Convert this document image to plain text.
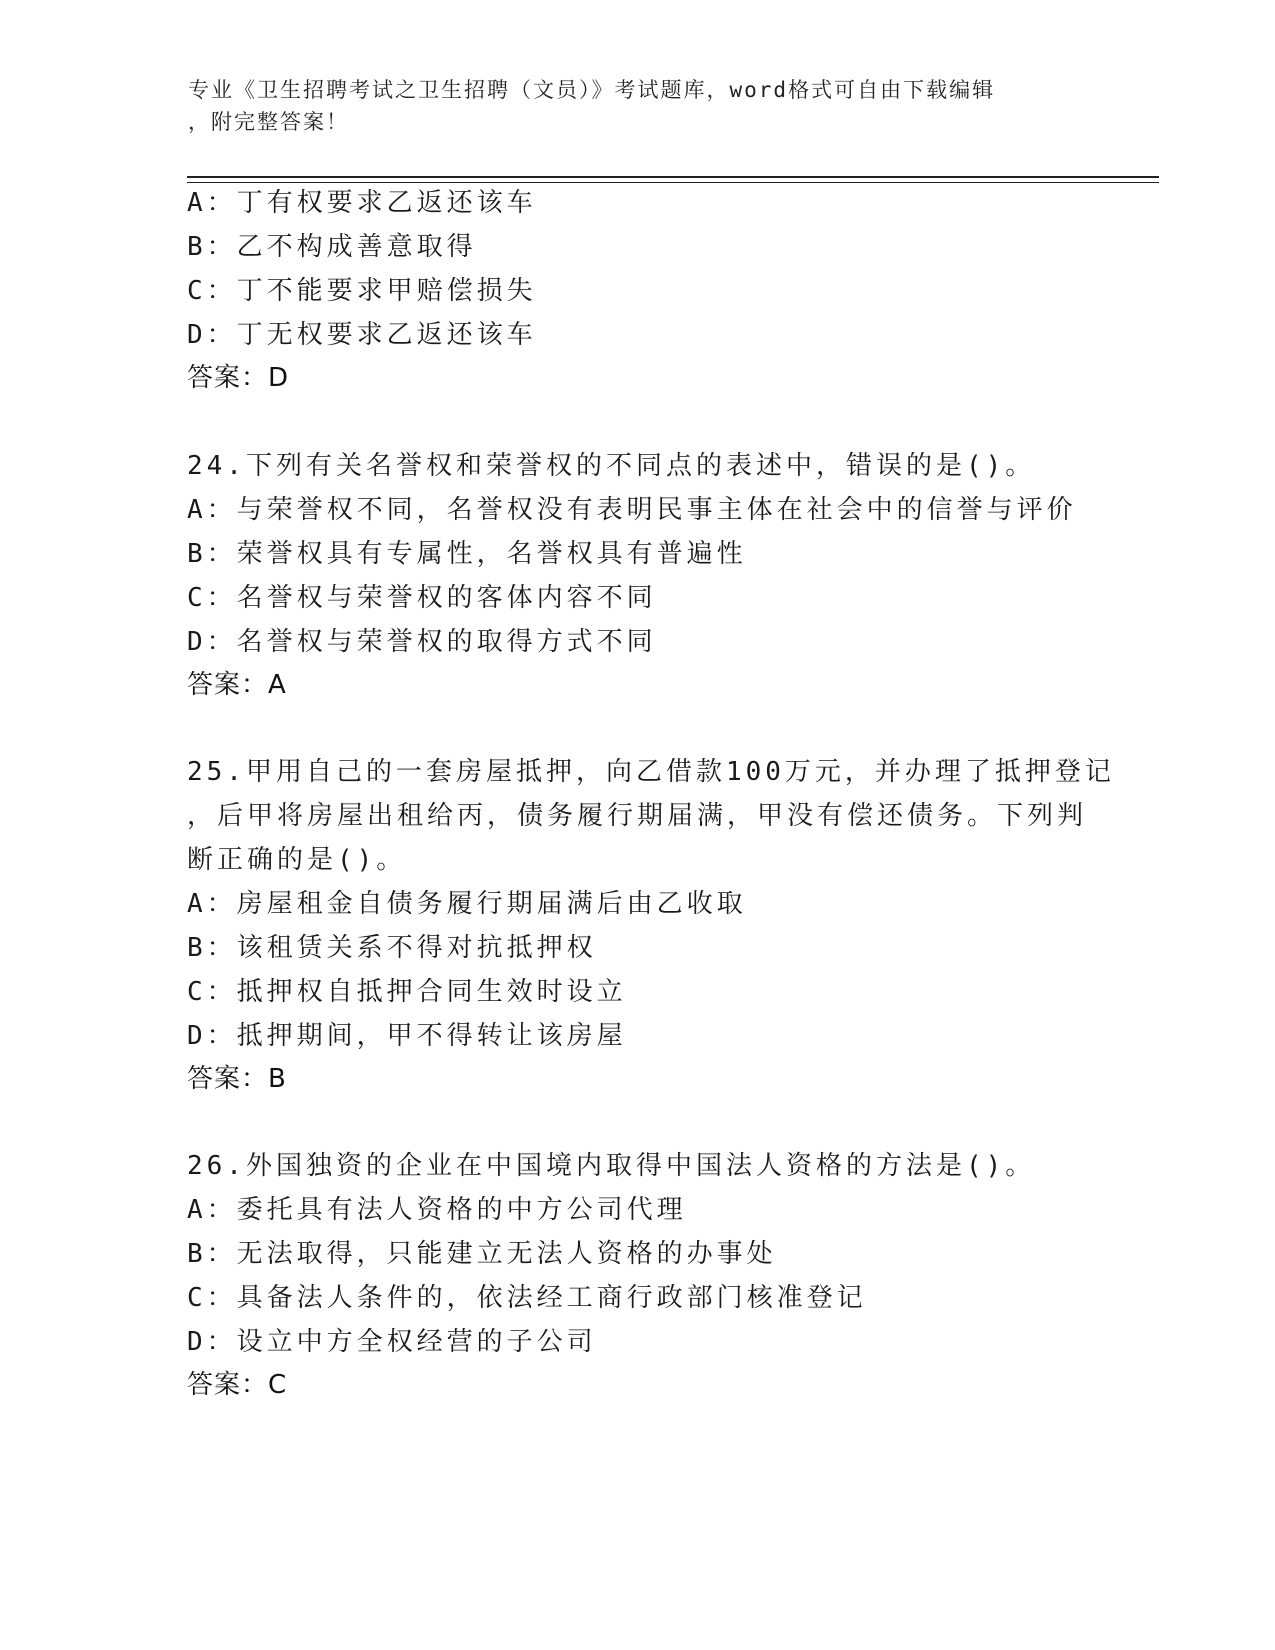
专业《卫生招聘考试之卫生招聘（文员）》考试题库，word格式可自由下载编辑
，附完整答案！
A：丁有权要求乙返还该车
B：乙不构成善意取得
C：丁不能要求甲赔偿损失
D：丁无权要求乙返还该车
答案：D
24.下列有关名誉权和荣誉权的不同点的表述中，错误的是()。
A：与荣誉权不同，名誉权没有表明民事主体在社会中的信誉与评价
B：荣誉权具有专属性，名誉权具有普遍性
C：名誉权与荣誉权的客体内容不同
D：名誉权与荣誉权的取得方式不同
答案：A
25.甲用自己的一套房屋抵押，向乙借款100万元，并办理了抵押登记
，后甲将房屋出租给丙，债务履行期届满，甲没有偿还债务。下列判
断正确的是()。
A：房屋租金自债务履行期届满后由乙收取
B：该租赁关系不得对抗抵押权
C：抵押权自抵押合同生效时设立
D：抵押期间，甲不得转让该房屋
答案：B
26.外国独资的企业在中国境内取得中国法人资格的方法是()。
A：委托具有法人资格的中方公司代理
B：无法取得，只能建立无法人资格的办事处
C：具备法人条件的，依法经工商行政部门核准登记
D：设立中方全权经营的子公司
答案：C
